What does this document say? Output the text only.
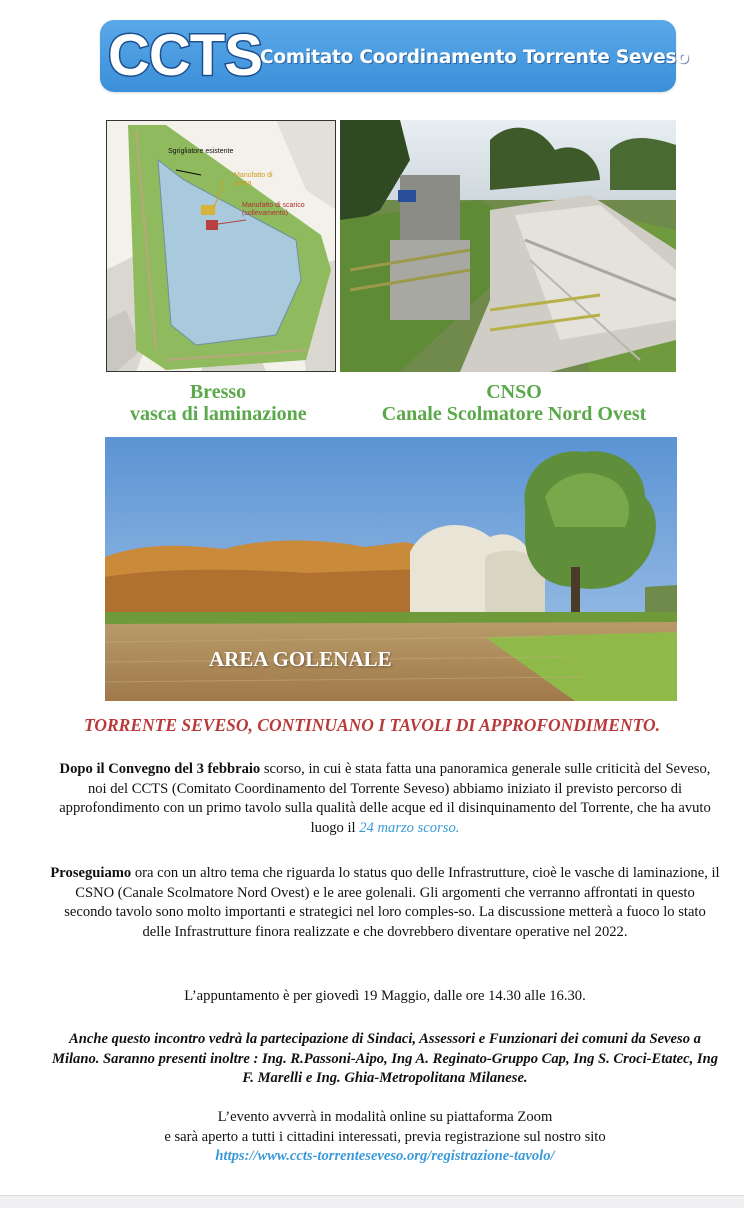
CCTS
Comitato Coordinamento Torrente Seveso
Sgrigliatore esistente
Manufatto di presa
Manufatto di scarico (sollevamento)
Bresso
vasca di laminazione
CNSO
Canale Scolmatore Nord Ovest
AREA GOLENALE
TORRENTE SEVESO, CONTINUANO I TAVOLI DI APPROFONDIMENTO.
Dopo il Convegno del 3 febbraio scorso, in cui è stata fatta una panoramica generale sulle criticità del Seveso, noi del CCTS (Comitato Coordinamento del Torrente Seveso) abbiamo iniziato il previsto percorso di approfondimento con un primo tavolo sulla qualità delle acque ed il disinquinamento del Torrente, che ha avuto luogo il 24 marzo scorso.
Proseguiamo ora con un altro tema che riguarda lo status quo delle Infrastrutture, cioè le vasche di laminazione, il CSNO (Canale Scolmatore Nord Ovest) e le aree golenali. Gli argomenti che verranno affrontati in questo secondo tavolo sono molto importanti e strategici nel loro comples-so. La discussione metterà a fuoco lo stato delle Infrastrutture finora realizzate e che dovrebbero diventare operative nel 2022.
L’appuntamento è per giovedì 19 Maggio, dalle ore 14.30 alle 16.30.
Anche questo incontro vedrà la partecipazione di Sindaci, Assessori e Funzionari dei comuni da Seveso a Milano. Saranno presenti inoltre : Ing. R.Passoni-Aipo, Ing A. Reginato-Gruppo Cap, Ing S. Croci-Etatec, Ing F. Marelli e Ing. Ghia-Metropolitana Milanese.
L’evento avverrà in modalità online su piattaforma Zoom
e sarà aperto a tutti i cittadini interessati, previa registrazione sul nostro sito
https://www.ccts-torrenteseveso.org/registrazione-tavolo/
